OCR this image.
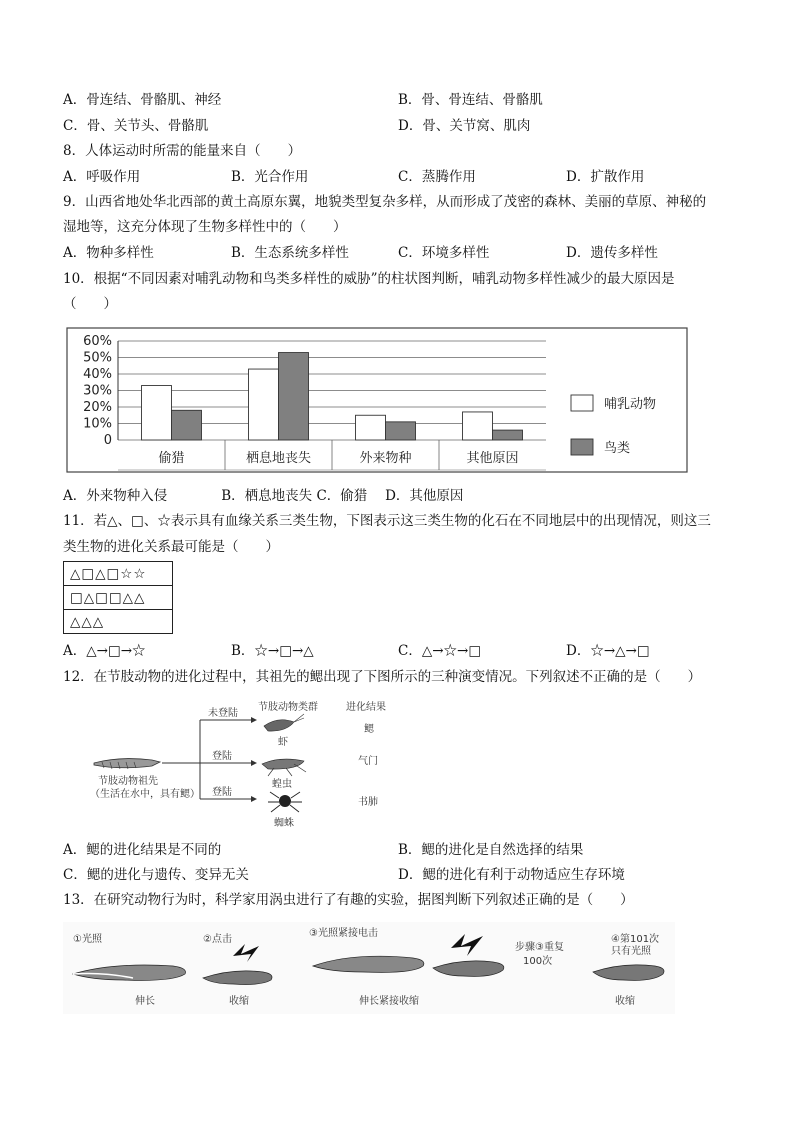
A．骨连结、骨骼肌、神经	B．骨、骨连结、骨骼肌
C．骨、关节头、骨骼肌	D．骨、关节窝、肌肉
8．人体运动时所需的能量来自（　　）
A．呼吸作用	B．光合作用	C．蒸腾作用	D．扩散作用
9．山西省地处华北西部的黄土高原东翼，地貌类型复杂多样，从而形成了茂密的森林、美丽的草原、神秘的
湿地等，这充分体现了生物多样性中的（　　）
A．物种多样性	B．生态系统多样性	C．环境多样性	D．遗传多样性
10．根据“不同因素对哺乳动物和鸟类多样性的威胁”的柱状图判断，哺乳动物多样性减少的最大原因是
（　　）
60%
50%
40%
30%
20%
10%
0
偷猎	栖息地丧失	外来物种	其他原因
哺乳动物
鸟类
A．外来物种入侵　　　　B．栖息地丧失 C．偷猎　 D．其他原因
11．若△、□、☆表示具有血缘关系三类生物，下图表示这三类生物的化石在不同地层中的出现情况，则这三
类生物的进化关系最可能是（　　）
△□△□☆☆
□△□□△△
△△△
A．△→□→☆	B．☆→□→△	C．△→☆→□	D．☆→△→□
12．在节肢动物的进化过程中，其祖先的鳃出现了下图所示的三种演变情况。下列叙述不正确的是（　　）
节肢动物类群	进化结果
节肢动物祖先
（生活在水中，具有鳃）
未登陆
登陆
登陆
虾
蝗虫
蜘蛛
鳃
气门
书肺
A．鳃的进化结果是不同的	B．鳃的进化是自然选择的结果
C．鳃的进化与遗传、变异无关	D．鳃的进化有利于动物适应生存环境
13．在研究动物行为时，科学家用涡虫进行了有趣的实验，据图判断下列叙述正确的是（　　）
①光照	②点击
③光照紧接电击
步骤③重复
100次
④第101次
只有光照
伸长	收缩	伸长紧接收缩	收缩
